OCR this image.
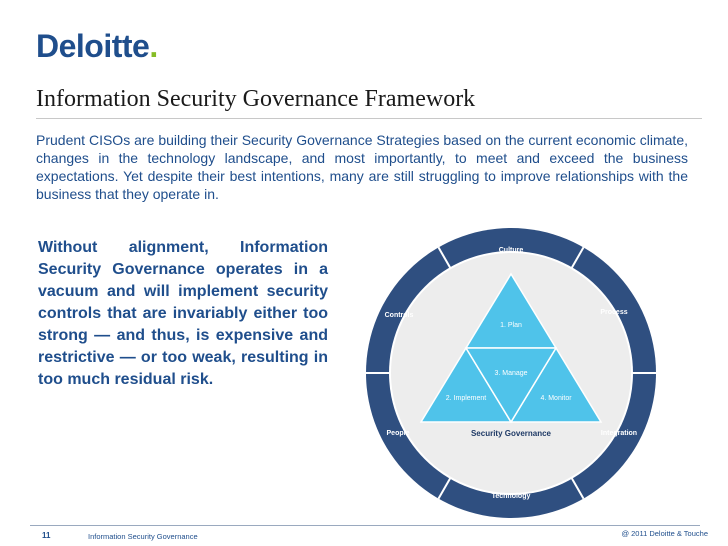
Deloitte.
Information Security Governance Framework
Prudent CISOs are building their Security Governance Strategies based on the current economic climate, changes in the technology landscape, and most importantly, to meet and exceed the business expectations. Yet despite their best intentions, many are still struggling to improve relationships with the business that they operate in.
Without alignment, Information Security Governance operates in a vacuum and will implement security controls that are invariably either too strong — and thus, is expensive and restrictive — or too weak, resulting in too much residual risk.
1. Plan
3. Manage
2. Implement	4. Monitor
Security Governance
Culture
Process
Integration
Technology
People
Controls
11	Information Security Governance	@ 2011 Deloitte & Touche
